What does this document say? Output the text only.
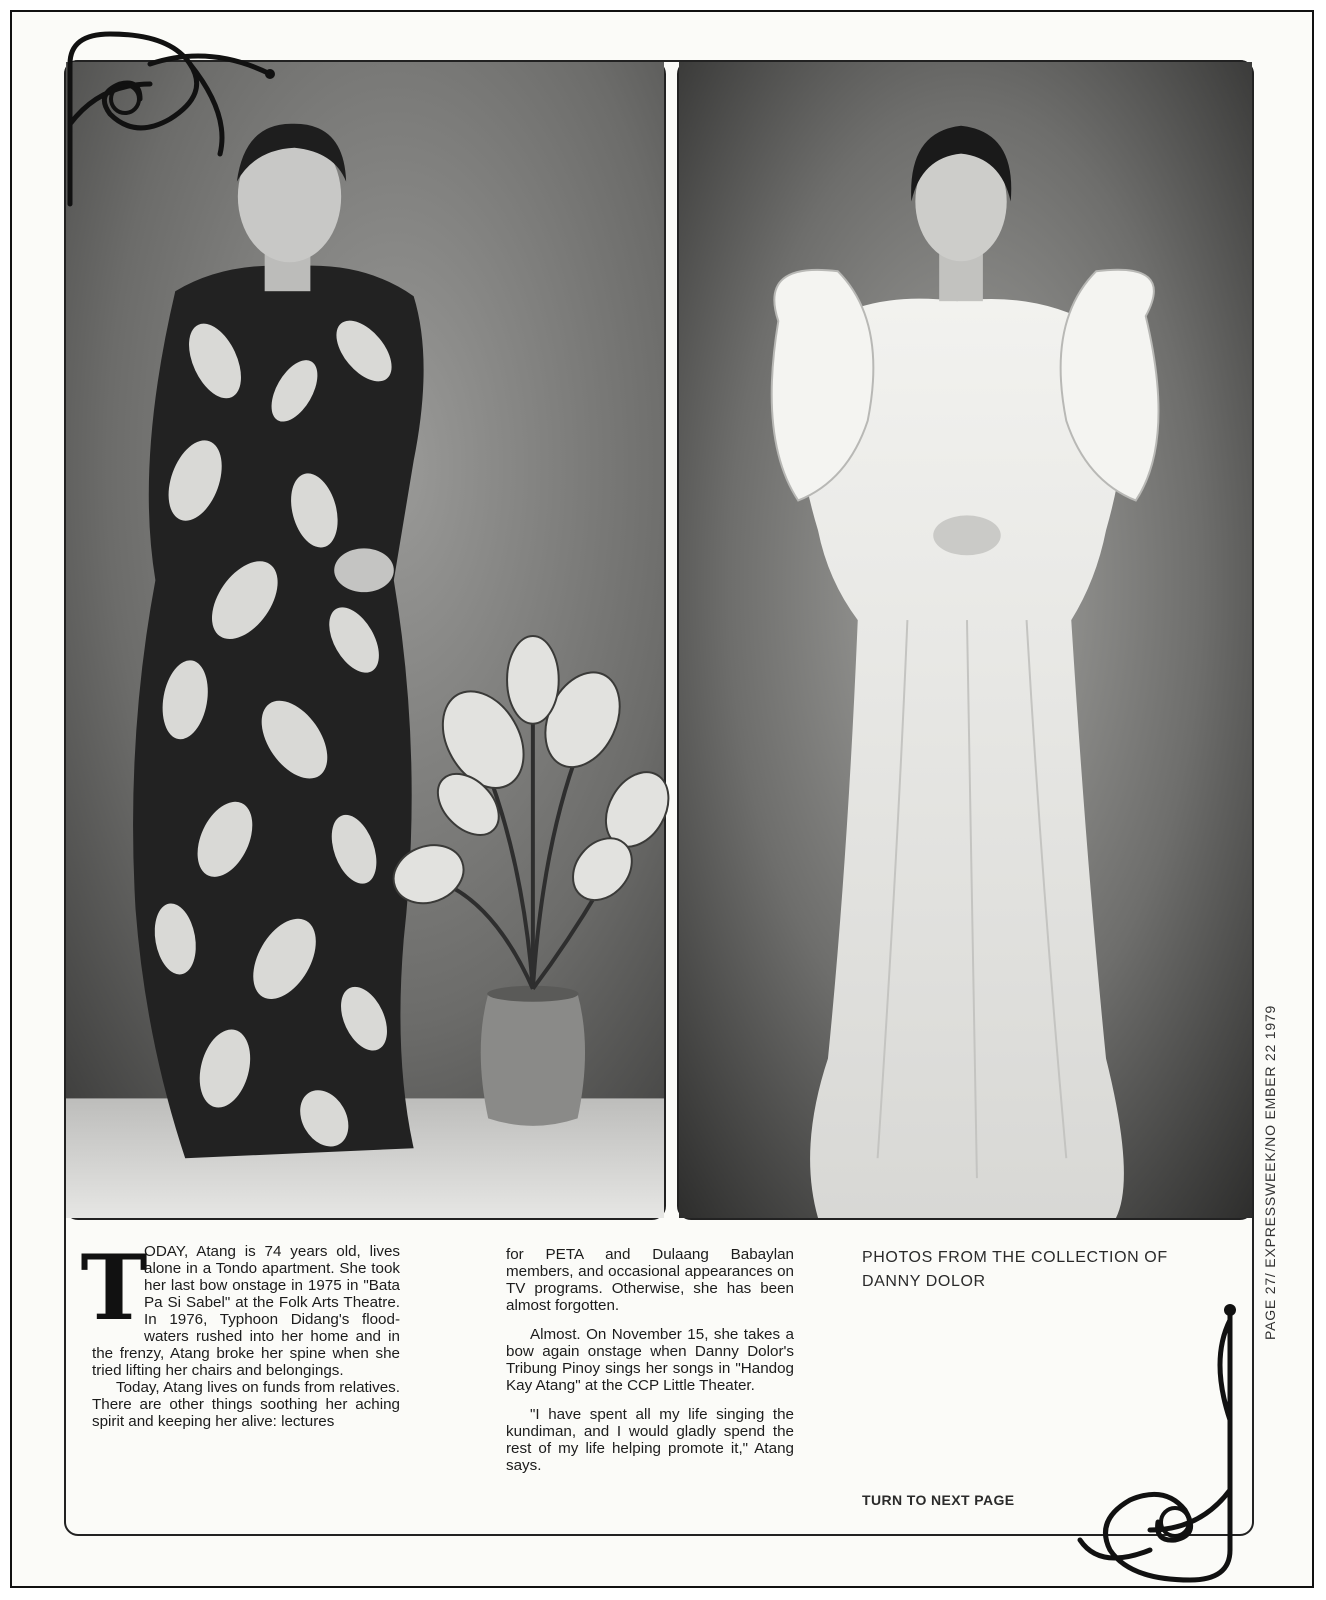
T
ODAY, Atang is 74 years old, lives alone in a Tondo apartment. She took her last bow onstage in 1975 in "Bata Pa Si Sabel" at the Folk Arts Theatre. In 1976, Typhoon Didang's flood-waters rushed into her home and in the frenzy, Atang broke her spine when she tried lifting her chairs and belongings.

Today, Atang lives on funds from relatives. There are other things soothing her aching spirit and keeping her alive: lectures

for PETA and Dulaang Babaylan members, and occasional appearances on TV programs. Otherwise, she has been almost forgotten.

Almost. On November 15, she takes a bow again onstage when Danny Dolor's Tribung Pinoy sings her songs in "Handog Kay Atang" at the CCP Little Theater.

"I have spent all my life singing the kundiman, and I would gladly spend the rest of my life helping promote it," Atang says.

PHOTOS FROM THE COLLECTION OF DANNY DOLOR
TURN TO NEXT PAGE
PAGE 27/ EXPRESSWEEK/NO EMBER 22 1979
